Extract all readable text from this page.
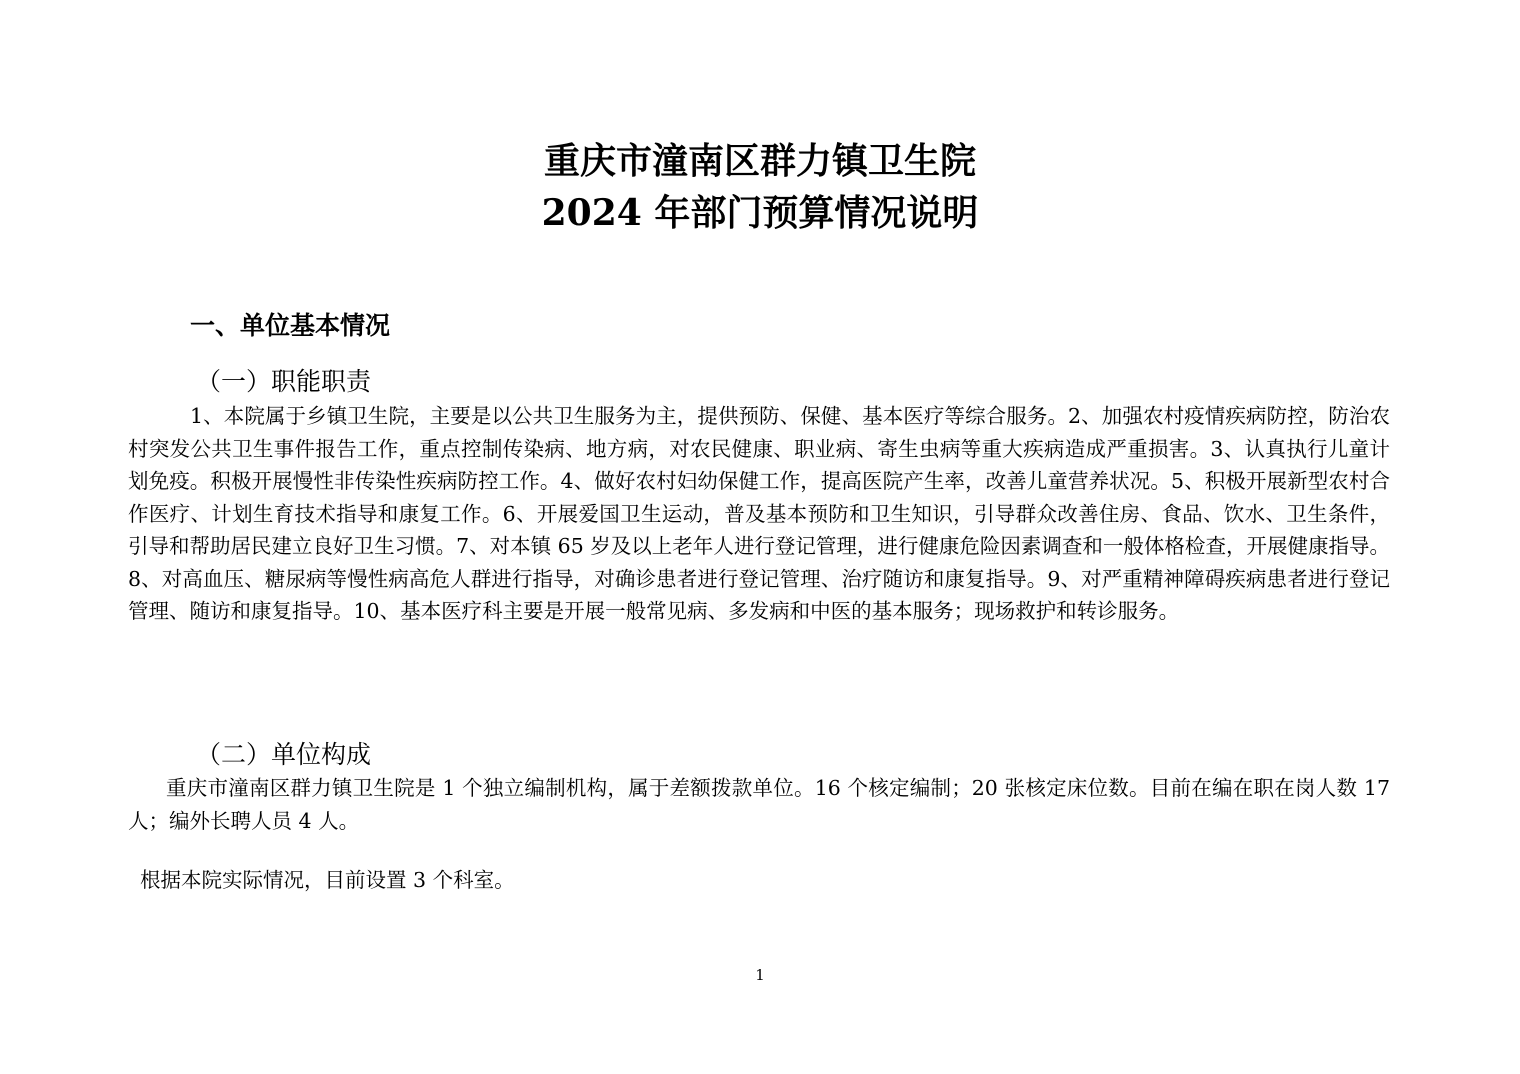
重庆市潼南区群力镇卫生院
2024 年部门预算情况说明
一、单位基本情况
（一）职能职责
1、本院属于乡镇卫生院，主要是以公共卫生服务为主，提供预防、保健、基本医疗等综合服务。2、加强农村疫情疾病防控，防治农村突发公共卫生事件报告工作，重点控制传染病、地方病，对农民健康、职业病、寄生虫病等重大疾病造成严重损害。3、认真执行儿童计划免疫。积极开展慢性非传染性疾病防控工作。4、做好农村妇幼保健工作，提高医院产生率，改善儿童营养状况。5、积极开展新型农村合作医疗、计划生育技术指导和康复工作。6、开展爱国卫生运动，普及基本预防和卫生知识，引导群众改善住房、食品、饮水、卫生条件，引导和帮助居民建立良好卫生习惯。7、对本镇 65 岁及以上老年人进行登记管理，进行健康危险因素调查和一般体格检查，开展健康指导。8、对高血压、糖尿病等慢性病高危人群进行指导，对确诊患者进行登记管理、治疗随访和康复指导。9、对严重精神障碍疾病患者进行登记管理、随访和康复指导。10、基本医疗科主要是开展一般常见病、多发病和中医的基本服务；现场救护和转诊服务。
（二）单位构成
重庆市潼南区群力镇卫生院是 1 个独立编制机构，属于差额拨款单位。16 个核定编制；20 张核定床位数。目前在编在职在岗人数 17 人；编外长聘人员 4 人。
根据本院实际情况，目前设置 3 个科室。
1
